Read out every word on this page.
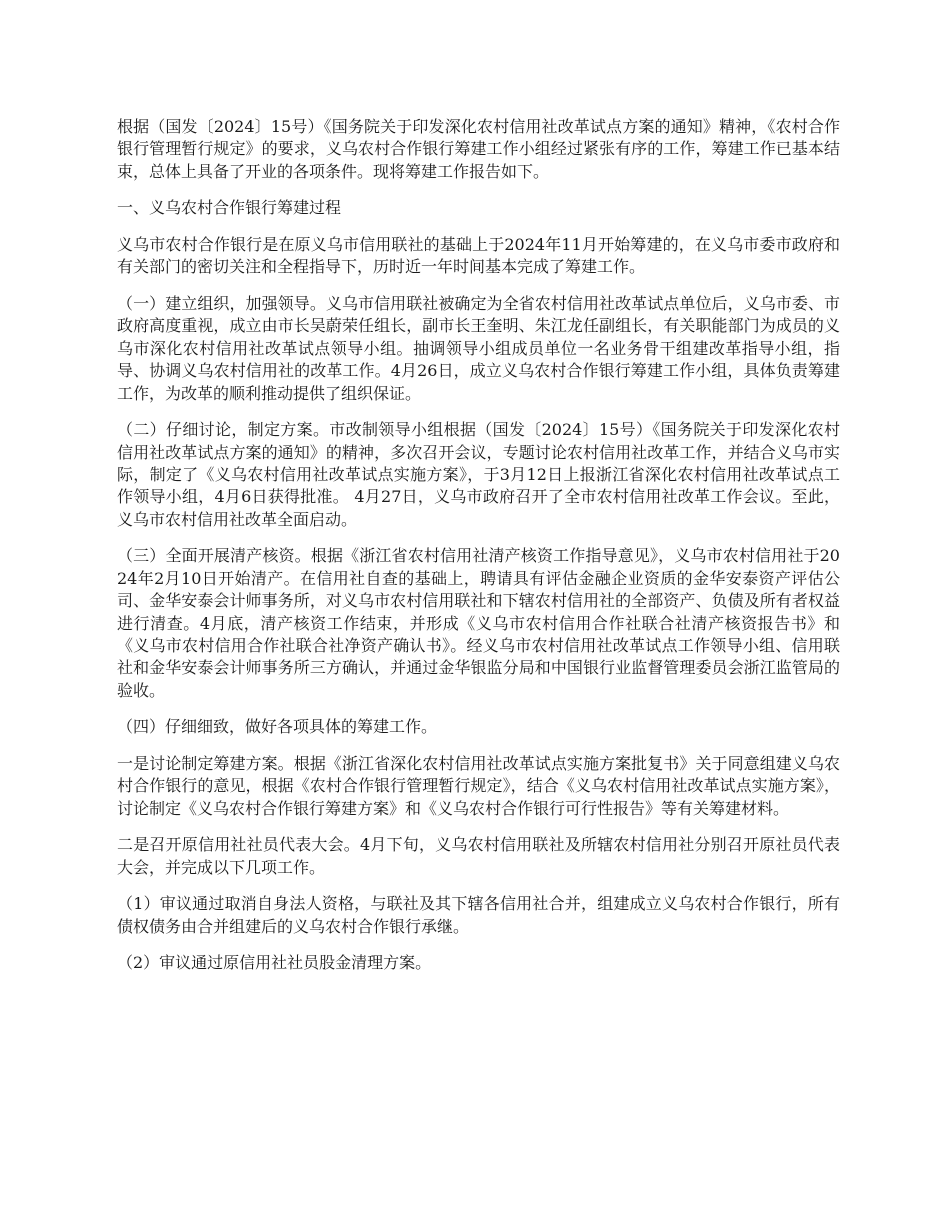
根据（国发〔2024〕15号）《国务院关于印发深化农村信用社改革试点方案的通知》精神，《农村合作银行管理暂行规定》的要求，义乌农村合作银行筹建工作小组经过紧张有序的工作，筹建工作已基本结束，总体上具备了开业的各项条件。现将筹建工作报告如下。

一、义乌农村合作银行筹建过程

义乌市农村合作银行是在原义乌市信用联社的基础上于2024年11月开始筹建的，在义乌市委市政府和有关部门的密切关注和全程指导下，历时近一年时间基本完成了筹建工作。

（一）建立组织，加强领导。义乌市信用联社被确定为全省农村信用社改革试点单位后，义乌市委、市政府高度重视，成立由市长吴蔚荣任组长，副市长王奎明、朱江龙任副组长，有关职能部门为成员的义乌市深化农村信用社改革试点领导小组。抽调领导小组成员单位一名业务骨干组建改革指导小组，指导、协调义乌农村信用社的改革工作。4月26日，成立义乌农村合作银行筹建工作小组，具体负责筹建工作，为改革的顺利推动提供了组织保证。

（二）仔细讨论，制定方案。市改制领导小组根据（国发〔2024〕15号）《国务院关于印发深化农村信用社改革试点方案的通知》的精神，多次召开会议，专题讨论农村信用社改革工作，并结合义乌市实际，制定了《义乌农村信用社改革试点实施方案》，于3月12日上报浙江省深化农村信用社改革试点工作领导小组，4月6日获得批准。 4月27日，义乌市政府召开了全市农村信用社改革工作会议。至此，义乌市农村信用社改革全面启动。

（三）全面开展清产核资。根据《浙江省农村信用社清产核资工作指导意见》，义乌市农村信用社于2024年2月10日开始清产。在信用社自查的基础上，聘请具有评估金融企业资质的金华安泰资产评估公司、金华安泰会计师事务所，对义乌市农村信用联社和下辖农村信用社的全部资产、负债及所有者权益进行清查。4月底，清产核资工作结束，并形成《义乌市农村信用合作社联合社清产核资报告书》和《义乌市农村信用合作社联合社净资产确认书》。经义乌市农村信用社改革试点工作领导小组、信用联社和金华安泰会计师事务所三方确认，并通过金华银监分局和中国银行业监督管理委员会浙江监管局的验收。

（四）仔细细致，做好各项具体的筹建工作。

一是讨论制定筹建方案。根据《浙江省深化农村信用社改革试点实施方案批复书》关于同意组建义乌农村合作银行的意见，根据《农村合作银行管理暂行规定》，结合《义乌农村信用社改革试点实施方案》，讨论制定《义乌农村合作银行筹建方案》和《义乌农村合作银行可行性报告》等有关筹建材料。

二是召开原信用社社员代表大会。4月下旬，义乌农村信用联社及所辖农村信用社分别召开原社员代表大会，并完成以下几项工作。

（1）审议通过取消自身法人资格，与联社及其下辖各信用社合并，组建成立义乌农村合作银行，所有债权债务由合并组建后的义乌农村合作银行承继。

（2）审议通过原信用社社员股金清理方案。
